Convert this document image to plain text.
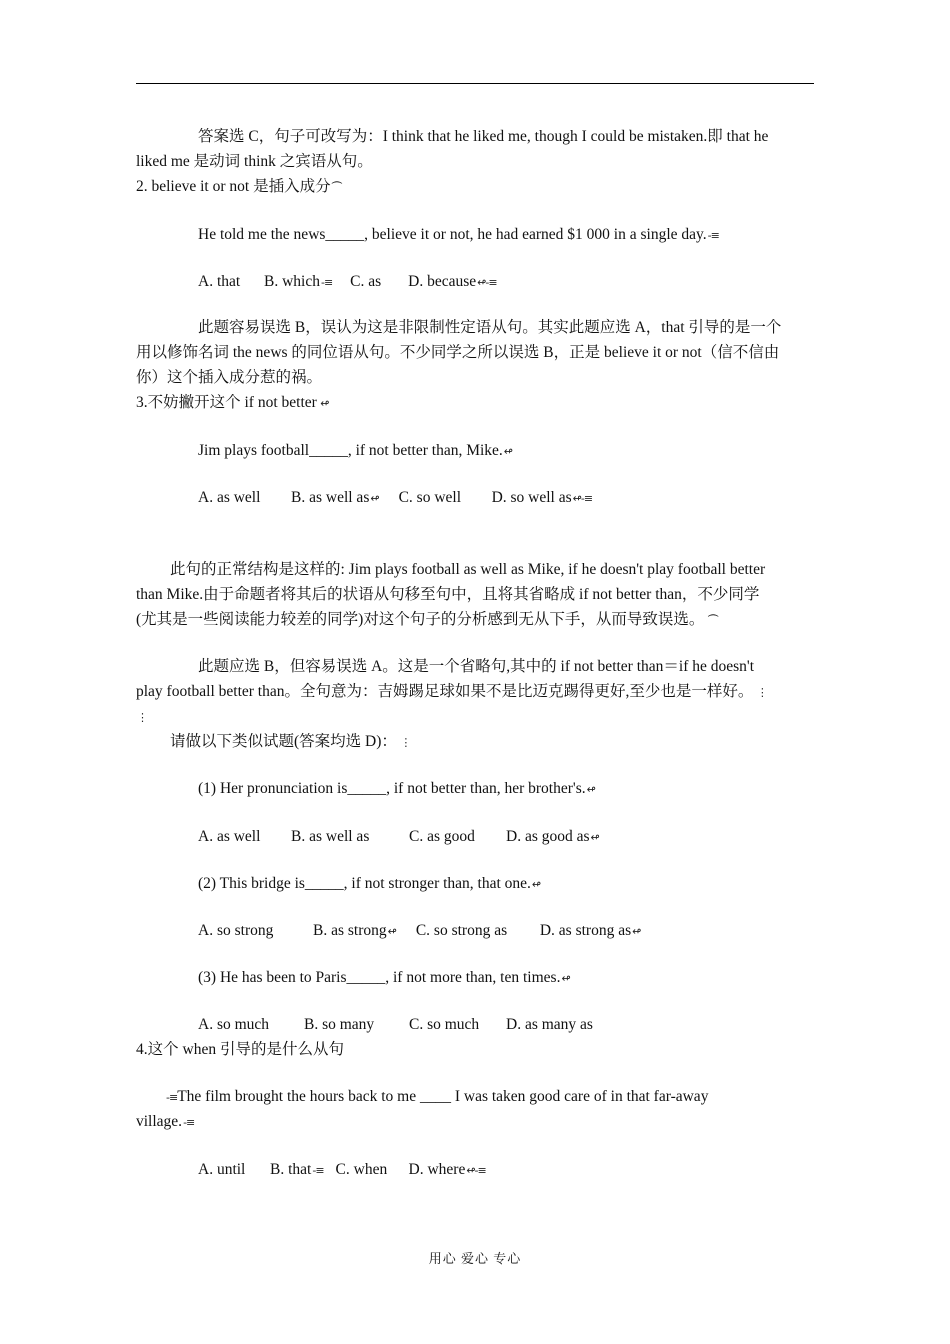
答案选 C，句子可改写为：I think that he liked me, though I could be mistaken.即 that he
liked me 是动词 think 之宾语从句。
2. believe it or not 是插入成分⏜
He told me the news_____, believe it or not, he had earned $1 000 in a single day.-≡
A. that B. which-≡ C. as D. because↫-≡
此题容易误选 B，误认为这是非限制性定语从句。其实此题应选 A，that 引导的是一个
用以修饰名词 the news 的同位语从句。不少同学之所以误选 B，正是 believe it or not（信不信由
你）这个插入成分惹的祸。
3.不妨撇开这个 if not better ↫
Jim plays football_____, if not better than, Mike.↫
A. as well B. as well as↫ C. so well D. so well as↫-≡
此句的正常结构是这样的: Jim plays football as well as Mike, if he doesn't play football better
than Mike.由于命题者将其后的状语从句移至句中，且将其省略成 if not better than，不少同学
(尤其是一些阅读能力较差的同学)对这个句子的分析感到无从下手，从而导致误选。 ⏜
此题应选 B，但容易误选 A。这是一个省略句,其中的 if not better than＝if he doesn't
play football better than。全句意为：吉姆踢足球如果不是比迈克踢得更好,至少也是一样好。 ⋮
⋮
请做以下类似试题(答案均选 D)： ⋮
(1) Her pronunciation is_____, if not better than, her brother's.↫
A. as well B. as well as	C. as good D. as good as↫
(2) This bridge is_____, if not stronger than, that one.↫
A. so strong	B. as strong↫ C. so strong as D. as strong as↫
(3) He has been to Paris_____, if not more than, ten times.↫
A. so much B. so many C. so much D. as many as
4.这个 when 引导的是什么从句
-≡The film brought the hours back to me ____ I was taken good care of in that far-away
village.-≡
A. until B. that-≡ C. when D. where↫-≡
用心 爱心 专心
